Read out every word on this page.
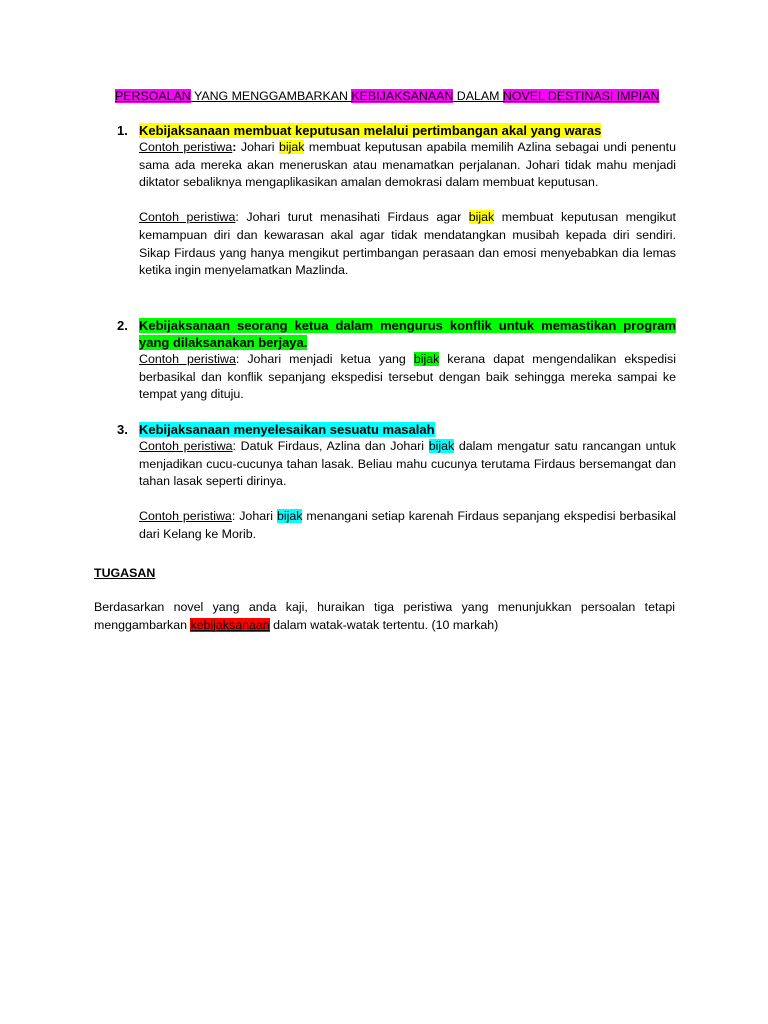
PERSOALAN YANG MENGGAMBARKAN KEBIJAKSANAAN DALAM NOVEL DESTINASI IMPIAN
1. Kebijaksanaan membuat keputusan melalui pertimbangan akal yang waras

Contoh peristiwa: Johari bijak membuat keputusan apabila memilih Azlina sebagai undi penentu sama ada mereka akan meneruskan atau menamatkan perjalanan. Johari tidak mahu menjadi diktator sebaliknya mengaplikasikan amalan demokrasi dalam membuat keputusan.

Contoh peristiwa: Johari turut menasihati Firdaus agar bijak membuat keputusan mengikut kemampuan diri dan kewarasan akal agar tidak mendatangkan musibah kepada diri sendiri. Sikap Firdaus yang hanya mengikut pertimbangan perasaan dan emosi menyebabkan dia lemas ketika ingin menyelamatkan Mazlinda.

2. Kebijaksanaan seorang ketua dalam mengurus konflik untuk memastikan program yang dilaksanakan berjaya.

Contoh peristiwa: Johari menjadi ketua yang bijak kerana dapat mengendalikan ekspedisi berbasikal dan konflik sepanjang ekspedisi tersebut dengan baik sehingga mereka sampai ke tempat yang dituju.

3. Kebijaksanaan menyelesaikan sesuatu masalah

Contoh peristiwa: Datuk Firdaus, Azlina dan Johari bijak dalam mengatur satu rancangan untuk menjadikan cucu-cucunya tahan lasak. Beliau mahu cucunya terutama Firdaus bersemangat dan tahan lasak seperti dirinya.

Contoh peristiwa: Johari bijak menangani setiap karenah Firdaus sepanjang ekspedisi berbasikal dari Kelang ke Morib.

TUGASAN

Berdasarkan novel yang anda kaji, huraikan tiga peristiwa yang menunjukkan persoalan tetapi menggambarkan kebijaksanaan dalam watak-watak tertentu. (10 markah)
